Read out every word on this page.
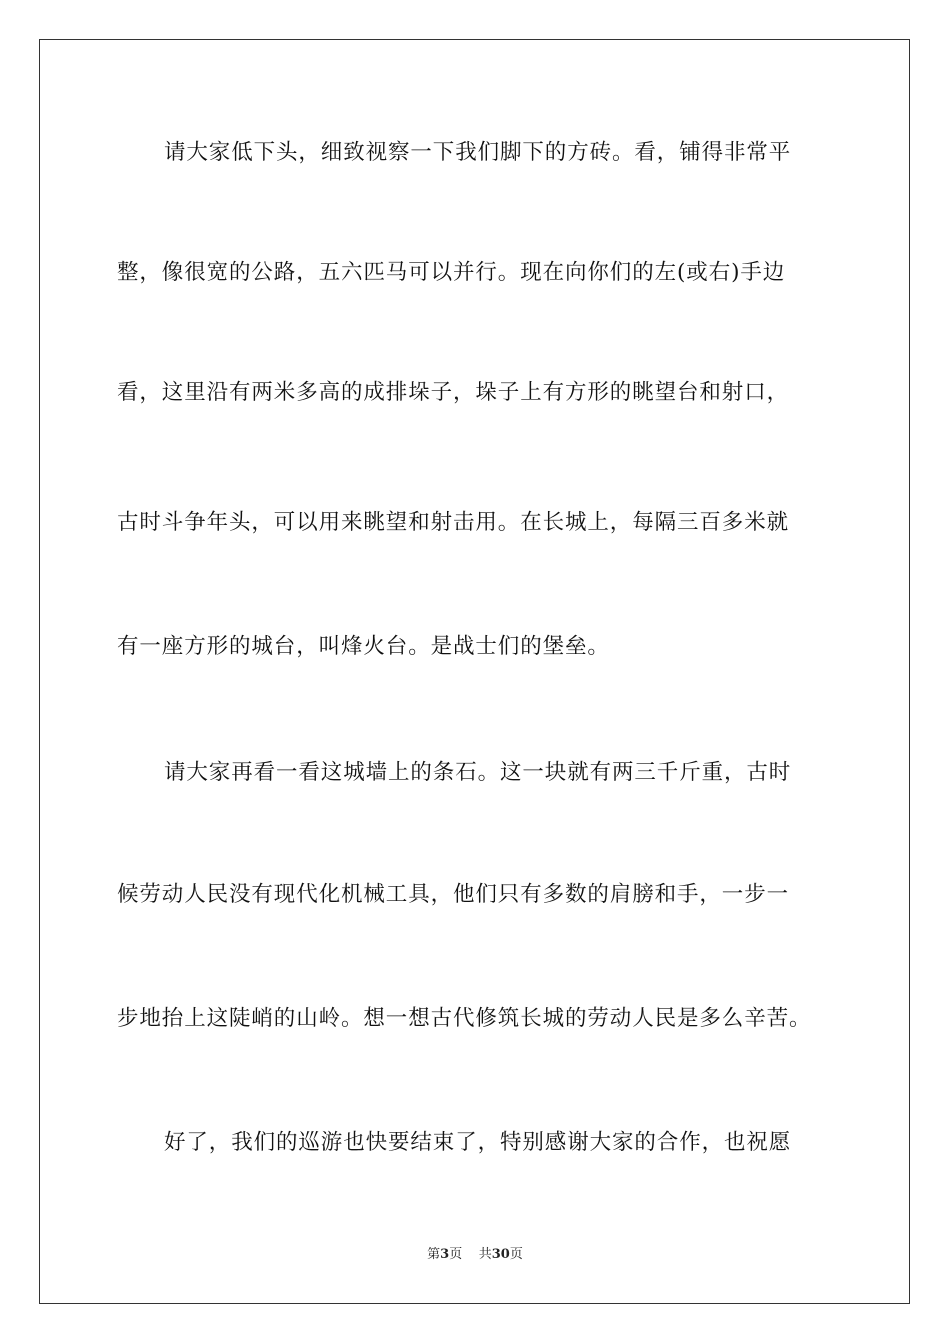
请大家低下头，细致视察一下我们脚下的方砖。看，铺得非常平
整，像很宽的公路，五六匹马可以并行。现在向你们的左(或右)手边
看，这里沿有两米多高的成排垛子，垛子上有方形的眺望台和射口，
古时斗争年头，可以用来眺望和射击用。在长城上，每隔三百多米就
有一座方形的城台，叫烽火台。是战士们的堡垒。
请大家再看一看这城墙上的条石。这一块就有两三千斤重，古时
候劳动人民没有现代化机械工具，他们只有多数的肩膀和手，一步一
步地抬上这陡峭的山岭。想一想古代修筑长城的劳动人民是多么辛苦。
好了，我们的巡游也快要结束了，特别感谢大家的合作，也祝愿
第3页 共30页
